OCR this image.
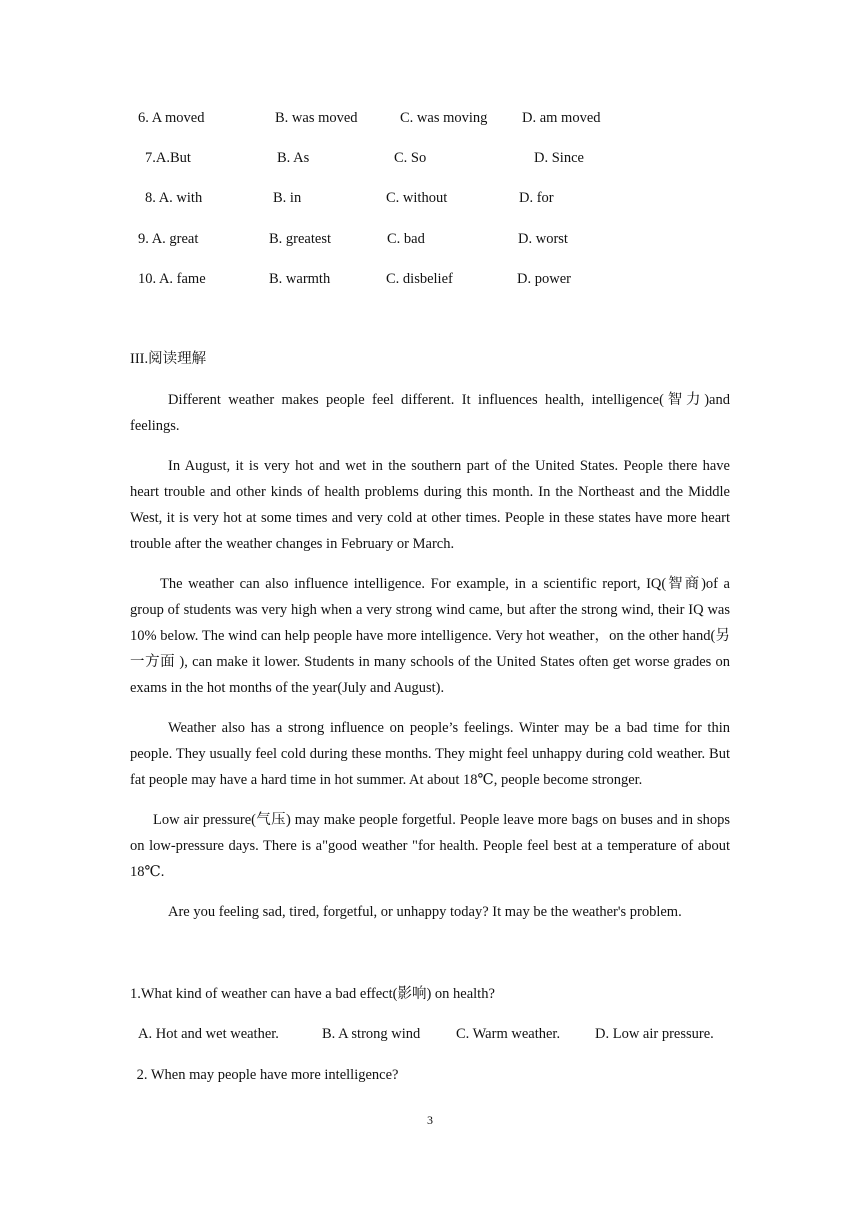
6. A moved	B. was moved	C. was moving D. am moved
7.A.But	B. As	C. So	D. Since
8. A. with	B. in	C. without	D. for
9. A. great	B. greatest	C. bad	D. worst
10. A. fame	B. warmth	C. disbelief	D. power
III.阅读理解

Different weather makes people feel different. It influences health, intelligence(智力)and feelings.

In August, it is very hot and wet in the southern part of the United States. People there have heart trouble and other kinds of health problems during this month. In the Northeast and the Middle West, it is very hot at some times and very cold at other times. People in these states have more heart trouble after the weather changes in February or March.

The weather can also influence intelligence. For example, in a scientific report, IQ(智商)of a group of students was very high when a very strong wind came, but after the strong wind, their IQ was 10% below. The wind can help people have more intelligence. Very hot weather，on the other hand(另一方面 ), can make it lower. Students in many schools of the United States often get worse grades on exams in the hot months of the year(July and August).

Weather also has a strong influence on people’s feelings. Winter may be a bad time for thin people. They usually feel cold during these months. They might feel unhappy during cold weather. But fat people may have a hard time in hot summer. At about 18℃, people become stronger.

Low air pressure(气压) may make people forgetful. People leave more bags on buses and in shops on low-pressure days. There is a"good weather "for health. People feel best at a temperature of about 18℃.

Are you feeling sad, tired, forgetful, or unhappy today? It may be the weather's problem.

1.What kind of weather can have a bad effect(影响) on health?
A. Hot and wet weather.	B. A strong wind C. Warm weather. D. Low air pressure.
2. When may people have more intelligence?
3
